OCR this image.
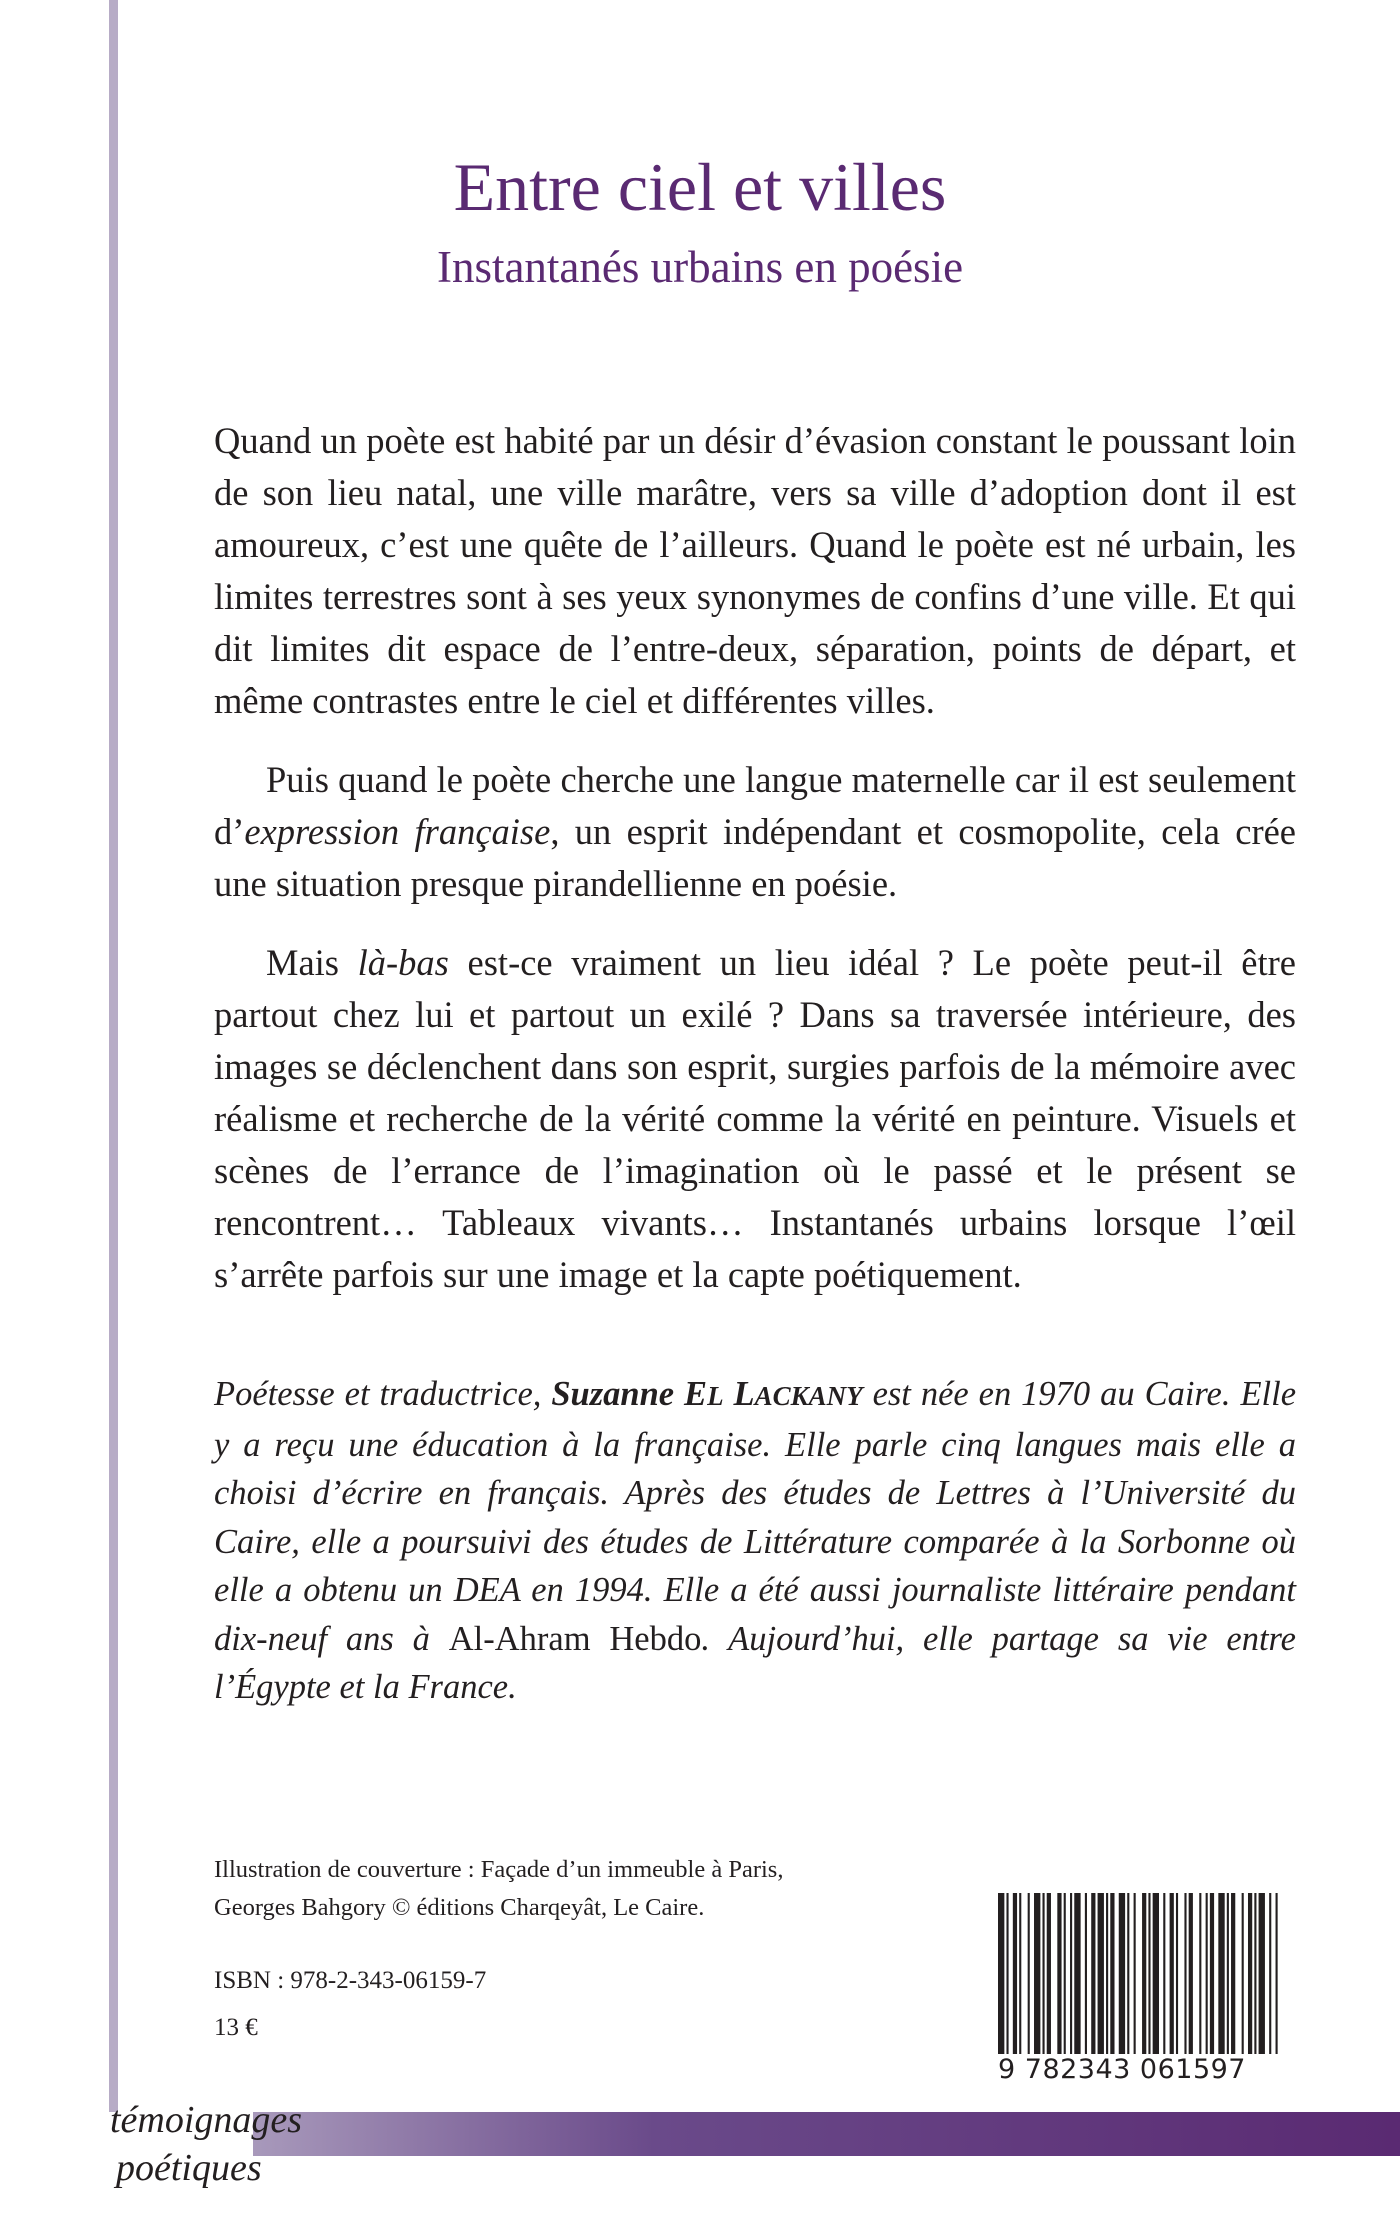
Entre ciel et villes
Instantanés urbains en poésie

Quand un poète est habité par un désir d’évasion constant le poussant loin de son lieu natal, une ville marâtre, vers sa ville d’adoption dont il est amoureux, c’est une quête de l’ailleurs. Quand le poète est né urbain, les limites terrestres sont à ses yeux synonymes de confins d’une ville. Et qui dit limites dit espace de l’entre-deux, séparation, points de départ, et même contrastes entre le ciel et différentes villes.

Puis quand le poète cherche une langue maternelle car il est seulement d’expression française, un esprit indépendant et cosmopolite, cela crée une situation presque pirandellienne en poésie.

Mais là-bas est-ce vraiment un lieu idéal ? Le poète peut-il être partout chez lui et partout un exilé ? Dans sa traversée intérieure, des images se déclenchent dans son esprit, surgies parfois de la mémoire avec réalisme et recherche de la vérité comme la vérité en peinture. Visuels et scènes de l’errance de l’imagination où le passé et le présent se rencontrent… Tableaux vivants… Instantanés urbains lorsque l’œil s’arrête parfois sur une image et la capte poétiquement.

Poétesse et traductrice, Suzanne EL LACKANY est née en 1970 au Caire. Elle y a reçu une éducation à la française. Elle parle cinq langues mais elle a choisi d’écrire en français. Après des études de Lettres à l’Université du Caire, elle a poursuivi des études de Littérature comparée à la Sorbonne où elle a obtenu un DEA en 1994. Elle a été aussi journaliste littéraire pendant dix-neuf ans à Al-Ahram Hebdo. Aujourd’hui, elle partage sa vie entre l’Égypte et la France.
Illustration de couverture : Façade d’un immeuble à Paris,
Georges Bahgory © éditions Charqeyât, Le Caire.
ISBN : 978-2-343-06159-7
13 €
9 782343 061597
témoignages
poétiques
